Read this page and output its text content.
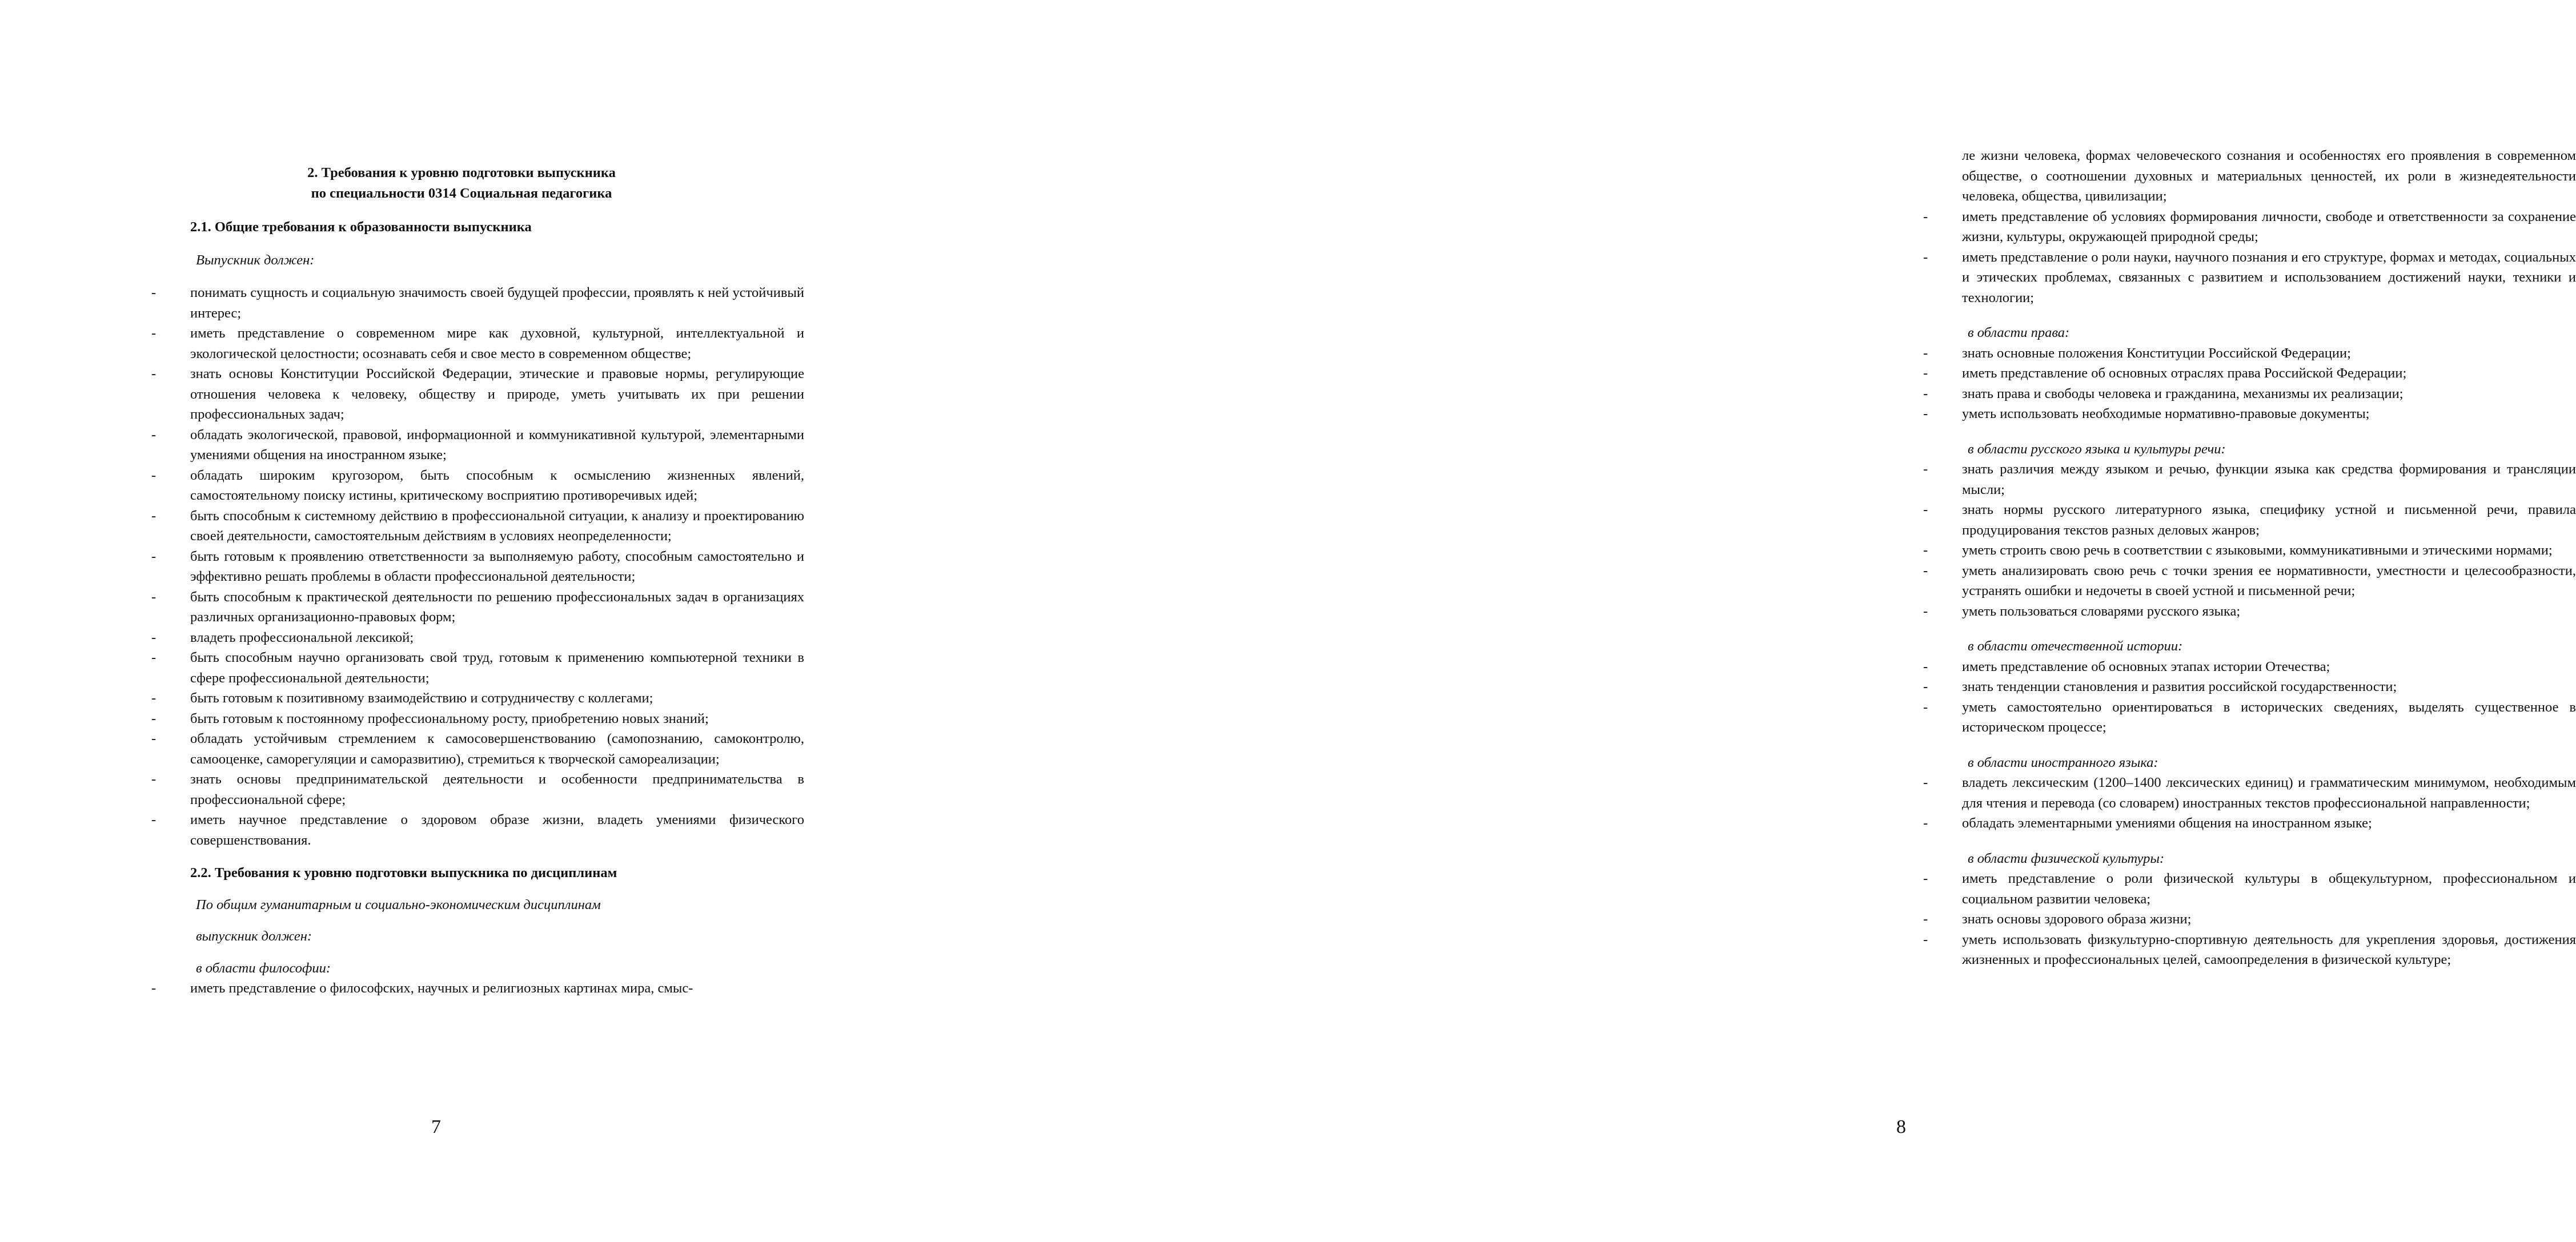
2. Требования к уровню подготовки выпускника
по специальности 0314 Социальная педагогика
2.1. Общие требования к образованности выпускника
Выпускник должен:
- понимать сущность и социальную значимость своей будущей профессии, проявлять к ней устойчивый интерес;
- иметь представление о современном мире как духовной, культурной, интеллектуальной и экологической целостности; осознавать себя и свое место в современном обществе;
- знать основы Конституции Российской Федерации, этические и правовые нормы, регулирующие отношения человека к человеку, обществу и природе, уметь учитывать их при решении профессиональных задач;
- обладать экологической, правовой, информационной и коммуникативной культурой, элементарными умениями общения на иностранном языке;
- обладать широким кругозором, быть способным к осмыслению жизненных явлений, самостоятельному поиску истины, критическому восприятию противоречивых идей;
- быть способным к системному действию в профессиональной ситуации, к анализу и проектированию своей деятельности, самостоятельным действиям в условиях неопределенности;
- быть готовым к проявлению ответственности за выполняемую работу, способным самостоятельно и эффективно решать проблемы в области профессиональной деятельности;
- быть способным к практической деятельности по решению профессиональных задач в организациях различных организационно-правовых форм;
- владеть профессиональной лексикой;
- быть способным научно организовать свой труд, готовым к применению компьютерной техники в сфере профессиональной деятельности;
- быть готовым к позитивному взаимодействию и сотрудничеству с коллегами;
- быть готовым к постоянному профессиональному росту, приобретению новых знаний;
- обладать устойчивым стремлением к самосовершенствованию (самопознанию, самоконтролю, самооценке, саморегуляции и саморазвитию), стремиться к творческой самореализации;
- знать основы предпринимательской деятельности и особенности предпринимательства в профессиональной сфере;
- иметь научное представление о здоровом образе жизни, владеть умениями физического совершенствования.
2.2. Требования к уровню подготовки выпускника по дисциплинам
По общим гуманитарным и социально-экономическим дисциплинам
выпускник должен:
в области философии:
- иметь представление о философских, научных и религиозных картинах мира, смыс-
7
ле жизни человека, формах человеческого сознания и особенностях его проявления в современном обществе, о соотношении духовных и материальных ценностей, их роли в жизнедеятельности человека, общества, цивилизации;
- иметь представление об условиях формирования личности, свободе и ответственности за сохранение жизни, культуры, окружающей природной среды;
- иметь представление о роли науки, научного познания и его структуре, формах и методах, социальных и этических проблемах, связанных с развитием и использованием достижений науки, техники и технологии;
в области права:
- знать основные положения Конституции Российской Федерации;
- иметь представление об основных отраслях права Российской Федерации;
- знать права и свободы человека и гражданина, механизмы их реализации;
- уметь использовать необходимые нормативно-правовые документы;
в области русского языка и культуры речи:
- знать различия между языком и речью, функции языка как средства формирования и трансляции мысли;
- знать нормы русского литературного языка, специфику устной и письменной речи, правила продуцирования текстов разных деловых жанров;
- уметь строить свою речь в соответствии с языковыми, коммуникативными и этическими нормами;
- уметь анализировать свою речь с точки зрения ее нормативности, уместности и целесообразности, устранять ошибки и недочеты в своей устной и письменной речи;
- уметь пользоваться словарями русского языка;
в области отечественной истории:
- иметь представление об основных этапах истории Отечества;
- знать тенденции становления и развития российской государственности;
- уметь самостоятельно ориентироваться в исторических сведениях, выделять существенное в историческом процессе;
в области иностранного языка:
- владеть лексическим (1200–1400 лексических единиц) и грамматическим минимумом, необходимым для чтения и перевода (со словарем) иностранных текстов профессиональной направленности;
- обладать элементарными умениями общения на иностранном языке;
в области физической культуры:
- иметь представление о роли физической культуры в общекультурном, профессиональном и социальном развитии человека;
- знать основы здорового образа жизни;
- уметь использовать физкультурно-спортивную деятельность для укрепления здоровья, достижения жизненных и профессиональных целей, самоопределения в физической культуре;
8
